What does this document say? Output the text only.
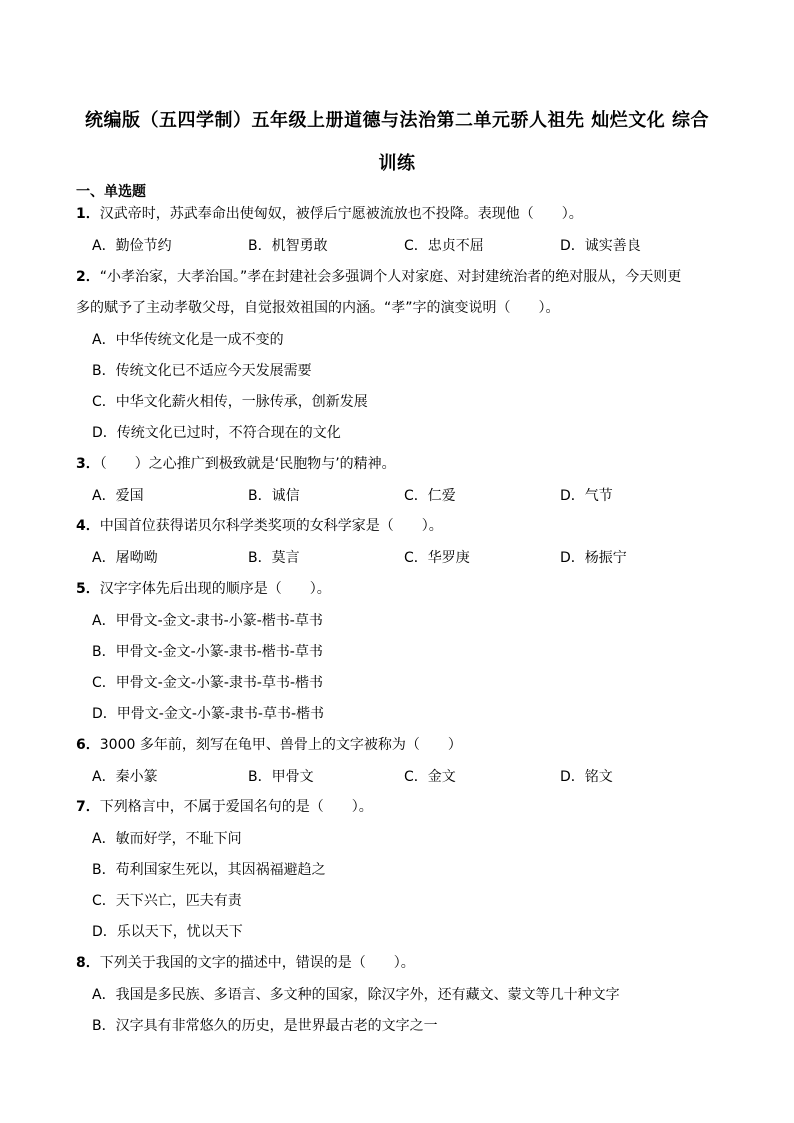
统编版（五四学制）五年级上册道德与法治第二单元骄人祖先 灿烂文化 综合
训练
一、单选题
1．汉武帝时，苏武奉命出使匈奴，被俘后宁愿被流放也不投降。表现他（　　）。
A．勤俭节约	B．机智勇敢	C．忠贞不屈	D．诚实善良
2．“小孝治家，大孝治国。”孝在封建社会多强调个人对家庭、对封建统治者的绝对服从，今天则更
多的赋予了主动孝敬父母，自觉报效祖国的内涵。“孝”字的演变说明（　　）。
A．中华传统文化是一成不变的
B．传统文化已不适应今天发展需要
C．中华文化薪火相传，一脉传承，创新发展
D．传统文化已过时，不符合现在的文化
3．（　　）之心推广到极致就是‘民胞物与’的精神。
A．爱国	B．诚信	C．仁爱	D．气节
4．中国首位获得诺贝尔科学类奖项的女科学家是（　　）。
A．屠呦呦	B．莫言	C．华罗庚	D．杨振宁
5．汉字字体先后出现的顺序是（　　）。
A．甲骨文-金文-隶书-小篆-楷书-草书
B．甲骨文-金文-小篆-隶书-楷书-草书
C．甲骨文-金文-小篆-隶书-草书-楷书
D．甲骨文-金文-小篆-隶书-草书-楷书
6．3000 多年前，刻写在龟甲、兽骨上的文字被称为（　　）
A．秦小篆	B．甲骨文	C．金文	D．铭文
7．下列格言中，不属于爱国名句的是（　　）。
A．敏而好学，不耻下问
B．苟利国家生死以，其因祸福避趋之
C．天下兴亡，匹夫有责
D．乐以天下，忧以天下
8．下列关于我国的文字的描述中，错误的是（　　）。
A．我国是多民族、多语言、多文种的国家，除汉字外，还有藏文、蒙文等几十种文字
B．汉字具有非常悠久的历史，是世界最古老的文字之一
